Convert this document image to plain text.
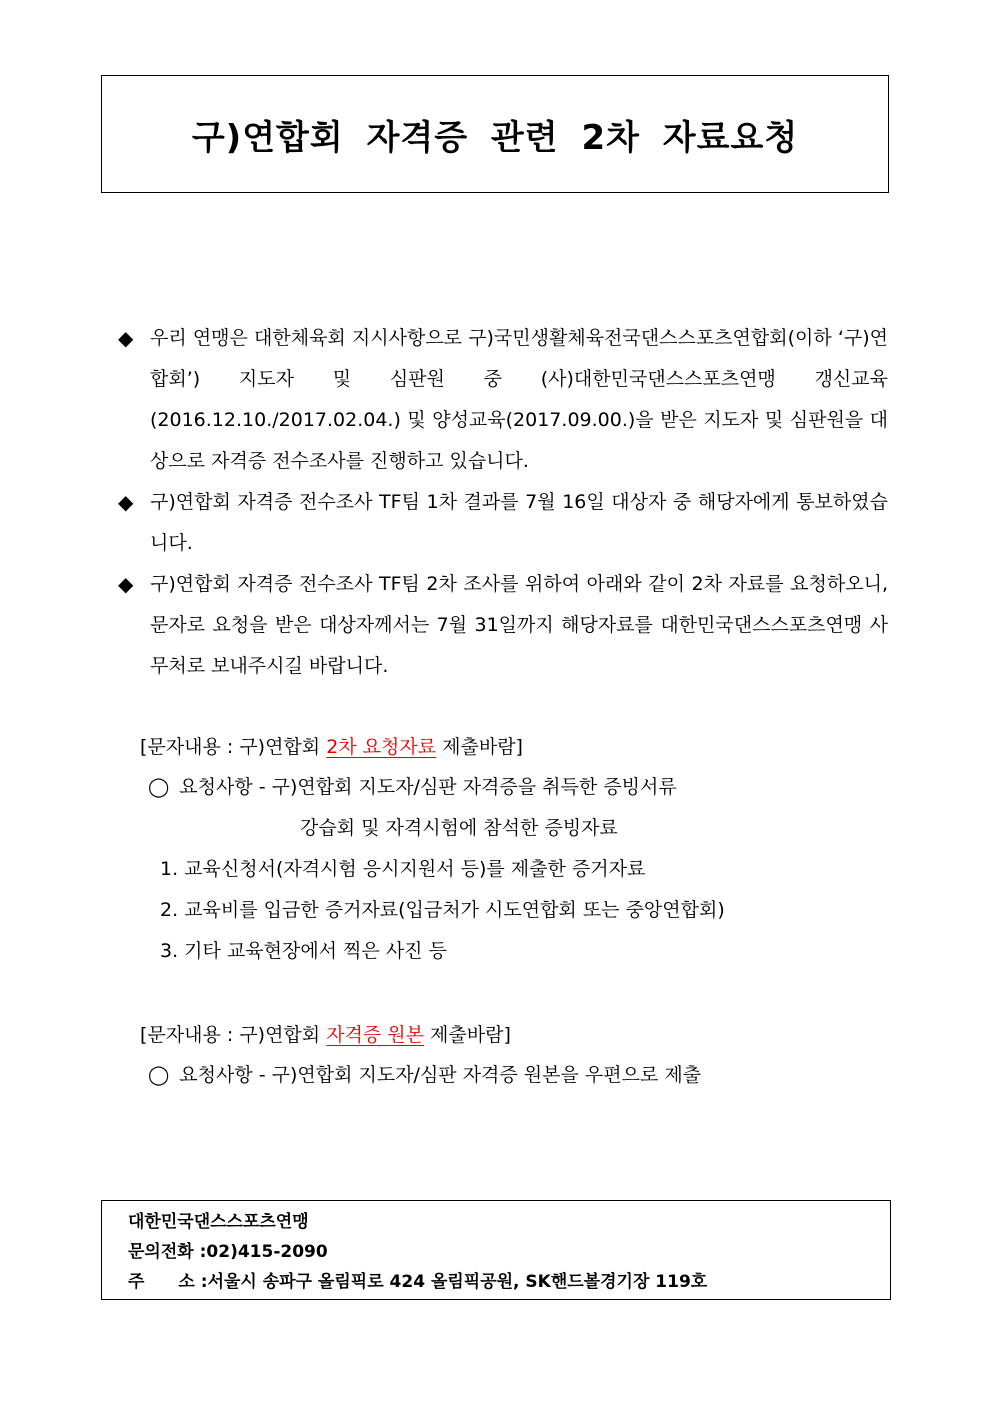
구)연합회 자격증 관련 2차 자료요청
◆ 우리 연맹은 대한체육회 지시사항으로 구)국민생활체육전국댄스스포츠연합회(이하 ‘구)연합회’) 지도자 및 심판원 중 (사)대한민국댄스스포츠연맹 갱신교육(2016.12.10./2017.02.04.) 및 양성교육(2017.09.00.)을 받은 지도자 및 심판원을 대상으로 자격증 전수조사를 진행하고 있습니다.
◆ 구)연합회 자격증 전수조사 TF팀 1차 결과를 7월 16일 대상자 중 해당자에게 통보하였습니다.
◆ 구)연합회 자격증 전수조사 TF팀 2차 조사를 위하여 아래와 같이 2차 자료를 요청하오니, 문자로 요청을 받은 대상자께서는 7월 31일까지 해당자료를 대한민국댄스스포츠연맹 사무처로 보내주시길 바랍니다.
[문자내용 : 구)연합회 2차 요청자료 제출바람]
◯ 요청사항 - 구)연합회 지도자/심판 자격증을 취득한 증빙서류
강습회 및 자격시험에 참석한 증빙자료
1. 교육신청서(자격시험 응시지원서 등)를 제출한 증거자료
2. 교육비를 입금한 증거자료(입금처가 시도연합회 또는 중앙연합회)
3. 기타 교육현장에서 찍은 사진 등
[문자내용 : 구)연합회 자격증 원본 제출바람]
◯ 요청사항 - 구)연합회 지도자/심판 자격증 원본을 우편으로 제출
대한민국댄스스포츠연맹
문의전화 :02)415-2090
주　　소 :서울시 송파구 올림픽로 424 올림픽공원, SK핸드볼경기장 119호
